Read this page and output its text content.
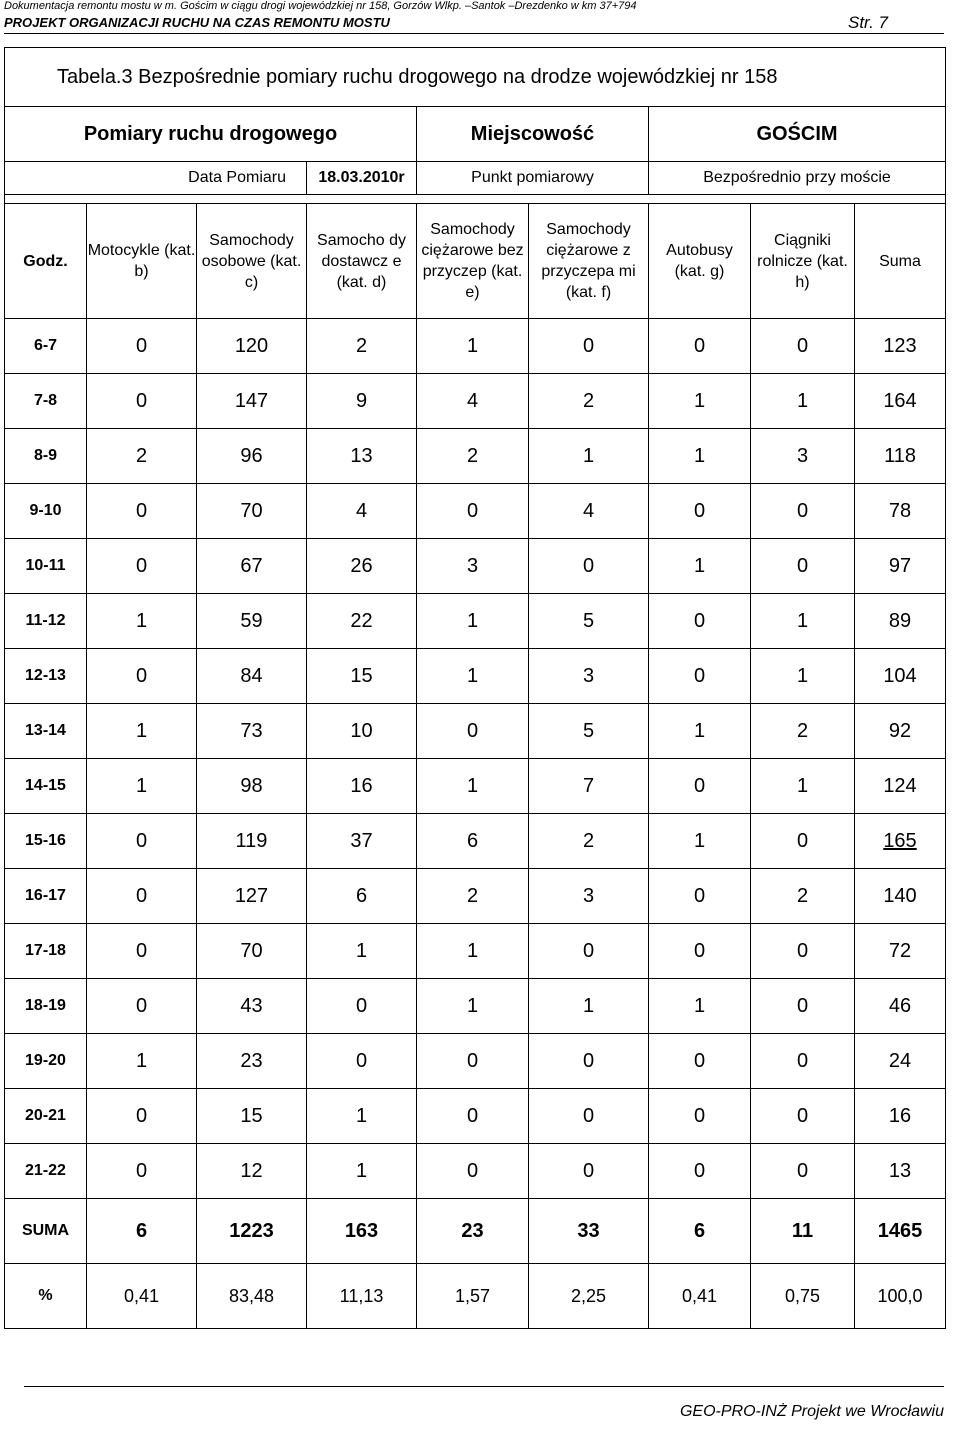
Dokumentacja remontu mostu w m. Gościm w ciągu drogi wojewódzkiej nr 158, Gorzów Wlkp. –Santok –Drezdenko w km 37+794
PROJEKT ORGANIZACJI RUCHU NA CZAS REMONTU MOSTU	Str. 7
Tabela.3 Bezpośrednie pomiary ruchu drogowego na drodze wojewódzkiej nr 158								
Pomiary ruchu drogowego				Miejscowość		GOŚCIM		
Data Pomiaru			18.03.2010r	Punkt pomiarowy		Bezpośrednio przy moście		

Godz.	Motocykle (kat. b)	Samochody osobowe (kat. c)	Samocho dy dostawcz e (kat. d)	Samochody ciężarowe bez przyczep (kat. e)	Samochody ciężarowe z przyczepa mi (kat. f)	Autobusy (kat. g)	Ciągniki rolnicze (kat. h)	Suma
6-7	0	120	2	1	0	0	0	123
7-8	0	147	9	4	2	1	1	164
8-9	2	96	13	2	1	1	3	118
9-10	0	70	4	0	4	0	0	78
10-11	0	67	26	3	0	1	0	97
11-12	1	59	22	1	5	0	1	89
12-13	0	84	15	1	3	0	1	104
13-14	1	73	10	0	5	1	2	92
14-15	1	98	16	1	7	0	1	124
15-16	0	119	37	6	2	1	0	165
16-17	0	127	6	2	3	0	2	140
17-18	0	70	1	1	0	0	0	72
18-19	0	43	0	1	1	1	0	46
19-20	1	23	0	0	0	0	0	24
20-21	0	15	1	0	0	0	0	16
21-22	0	12	1	0	0	0	0	13
SUMA	6	1223	163	23	33	6	11	1465
%	0,41	83,48	11,13	1,57	2,25	0,41	0,75	100,0
GEO-PRO-INŻ Projekt we Wrocławiu
